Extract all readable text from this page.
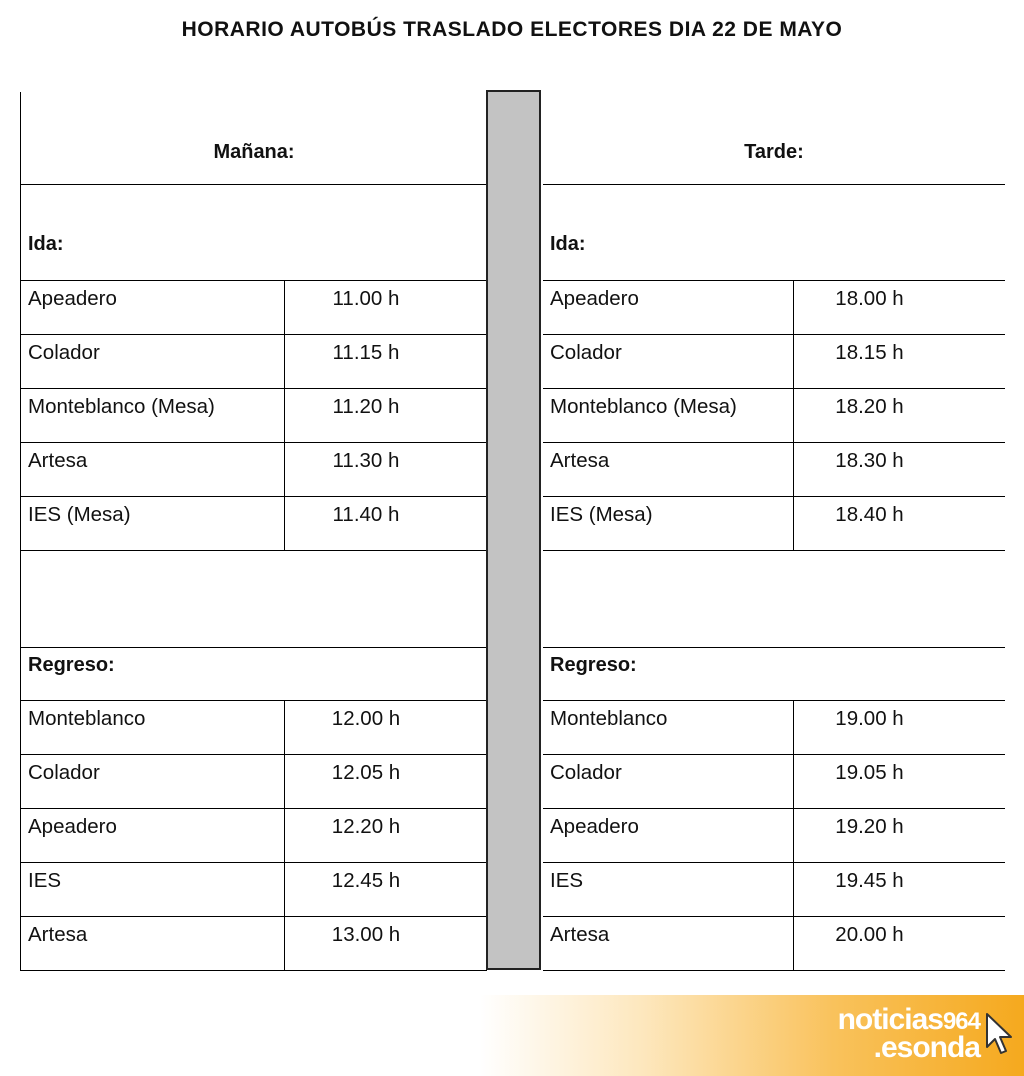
HORARIO AUTOBÚS TRASLADO ELECTORES DIA 22 DE MAYO
Mañana:
Ida:
Apeadero	11.00 h
Colador	11.15 h
Monteblanco (Mesa)	11.20 h
Artesa	11.30 h
IES (Mesa)	11.40 h
Regreso:
Monteblanco	12.00 h
Colador	12.05 h
Apeadero	12.20 h
IES	12.45 h
Artesa	13.00 h
Tarde:
Ida:
Apeadero	18.00 h
Colador	18.15 h
Monteblanco (Mesa)	18.20 h
Artesa	18.30 h
IES (Mesa)	18.40 h
Regreso:
Monteblanco	19.00 h
Colador	19.05 h
Apeadero	19.20 h
IES	19.45 h
Artesa	20.00 h
noticias964
.esonda
